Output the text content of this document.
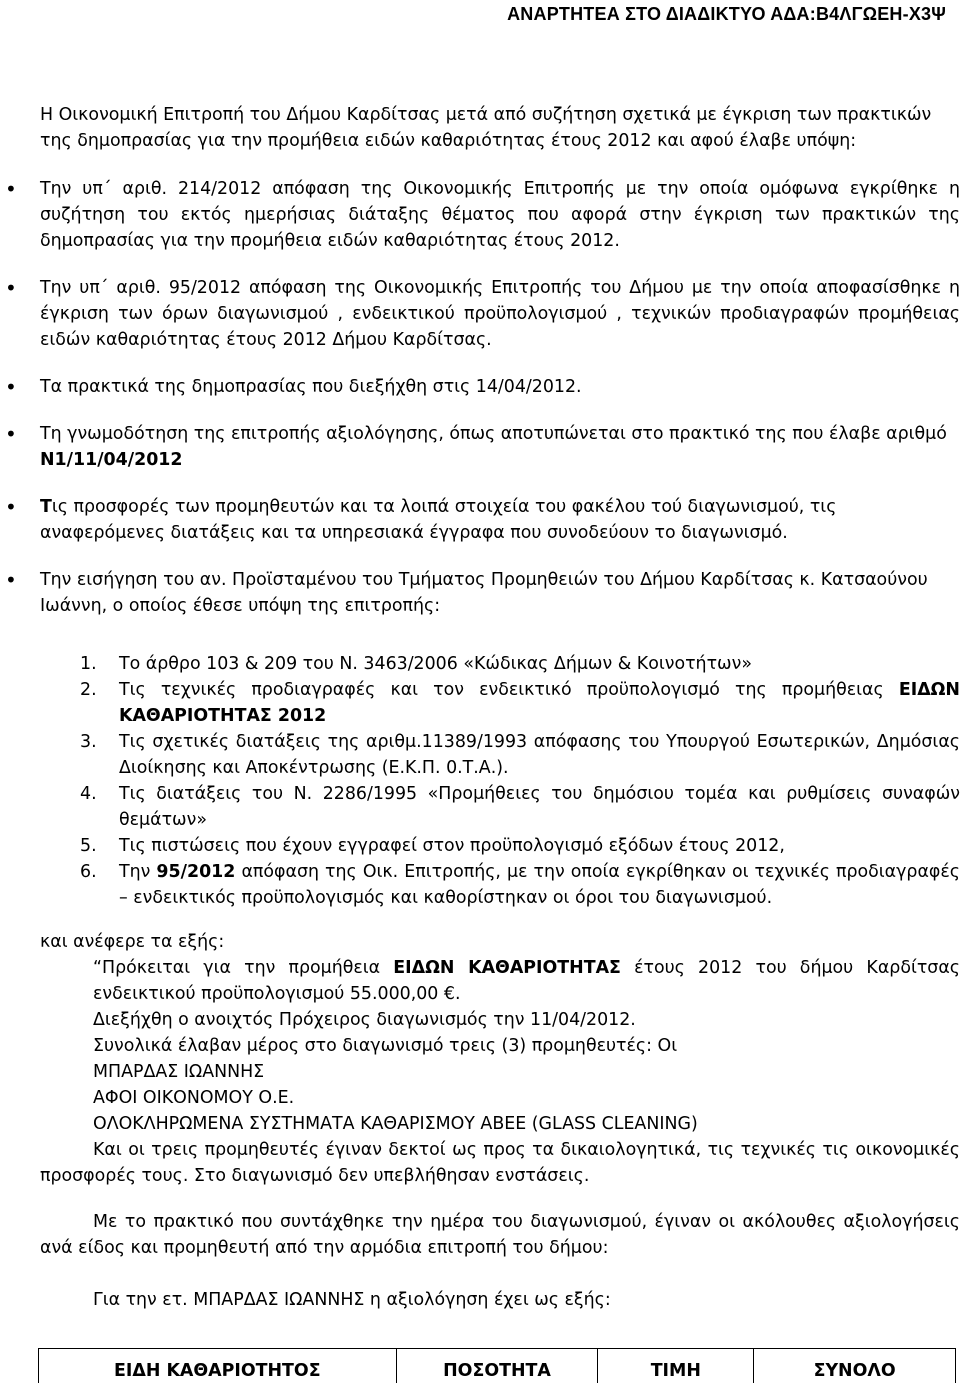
ΑΝΑΡΤΗΤΕΑ ΣΤΟ ΔΙΑΔΙΚΤΥΟ ΑΔΑ:Β4ΛΓΩΕΗ-Χ3Ψ

Η Οικονομική Επιτροπή του Δήμου Καρδίτσας μετά από συζήτηση σχετικά με έγκριση των πρακτικών της δημοπρασίας για την προμήθεια ειδών καθαριότητας έτους 2012 και αφού έλαβε υπόψη:

• Την υπ΄ αριθ. 214/2012 απόφαση της Οικονομικής Επιτροπής με την οποία ομόφωνα εγκρίθηκε η συζήτηση του εκτός ημερήσιας διάταξης θέματος που αφορά στην έγκριση των πρακτικών της δημοπρασίας για την προμήθεια ειδών καθαριότητας έτους 2012.
• Την υπ΄ αριθ. 95/2012 απόφαση της Οικονομικής Επιτροπής του Δήμου με την οποία αποφασίσθηκε η έγκριση των όρων διαγωνισμού , ενδεικτικού προϋπολογισμού , τεχνικών προδιαγραφών προμήθειας ειδών καθαριότητας έτους 2012 Δήμου Καρδίτσας.
• Τα πρακτικά της δημοπρασίας που διεξήχθη στις 14/04/2012.
• Τη γνωμοδότηση της επιτροπής αξιολόγησης, όπως αποτυπώνεται στο πρακτικό της που έλαβε αριθμό Ν1/11/04/2012
• Τις προσφορές των προμηθευτών και τα λοιπά στοιχεία του φακέλου τού διαγωνισμού, τις αναφερόμενες διατάξεις και τα υπηρεσιακά έγγραφα που συνοδεύουν το διαγωνισμό.
• Την εισήγηση του αν. Προϊσταμένου του Τμήματος Προμηθειών του Δήμου Καρδίτσας κ. Κατσαούνου Ιωάννη, ο οποίος έθεσε υπόψη της επιτροπής:
1. Το άρθρο 103 & 209 του Ν. 3463/2006 «Κώδικας Δήμων & Κοινοτήτων»
2. Τις τεχνικές προδιαγραφές και τον ενδεικτικό προϋπολογισμό της προμήθειας ΕΙΔΩΝ ΚΑΘΑΡΙΟΤΗΤΑΣ 2012
3. Τις σχετικές διατάξεις της αριθμ.11389/1993 απόφασης του Υπουργού Εσωτερικών, Δημόσιας Διοίκησης και Αποκέντρωσης (Ε.Κ.Π. 0.Τ.Α.).
4. Τις διατάξεις του Ν. 2286/1995 «Προμήθειες του δημόσιου τομέα και ρυθμίσεις συναφών θεμάτων»
5. Τις πιστώσεις που έχουν εγγραφεί στον προϋπολογισμό εξόδων έτους 2012,
6. Την 95/2012 απόφαση της Οικ. Επιτροπής, με την οποία εγκρίθηκαν οι τεχνικές προδιαγραφές – ενδεικτικός προϋπολογισμός και καθορίστηκαν οι όροι του διαγωνισμού.

και ανέφερε τα εξής:

“Πρόκειται για την προμήθεια ΕΙΔΩΝ ΚΑΘΑΡΙΟΤΗΤΑΣ έτους 2012 του δήμου Καρδίτσας ενδεικτικού προϋπολογισμού 55.000,00 €.

Διεξήχθη ο ανοιχτός Πρόχειρος διαγωνισμός την 11/04/2012.

Συνολικά έλαβαν μέρος στο διαγωνισμό τρεις (3) προμηθευτές: Οι

ΜΠΑΡΔΑΣ ΙΩΑΝΝΗΣ

ΑΦΟΙ ΟΙΚΟΝΟΜΟΥ Ο.Ε.

ΟΛΟΚΛΗΡΩΜΕΝΑ ΣΥΣΤΗΜΑΤΑ ΚΑΘΑΡΙΣΜΟΥ ΑΒΕΕ (GLASS CLEANING)

Και οι τρεις προμηθευτές έγιναν δεκτοί ως προς τα δικαιολογητικά, τις τεχνικές τις οικονομικές προσφορές τους. Στο διαγωνισμό δεν υπεβλήθησαν ενστάσεις.

Με το πρακτικό που συντάχθηκε την ημέρα του διαγωνισμού, έγιναν οι ακόλουθες αξιολογήσεις ανά είδος και προμηθευτή από την αρμόδια επιτροπή του δήμου:

Για την ετ. ΜΠΑΡΔΑΣ ΙΩΑΝΝΗΣ η αξιολόγηση έχει ως εξής:

ΕΙΔΗ ΚΑΘΑΡΙΟΤΗΤΟΣ	ΠΟΣΟΤΗΤΑ	ΤΙΜΗ	ΣΥΝΟΛΟ
